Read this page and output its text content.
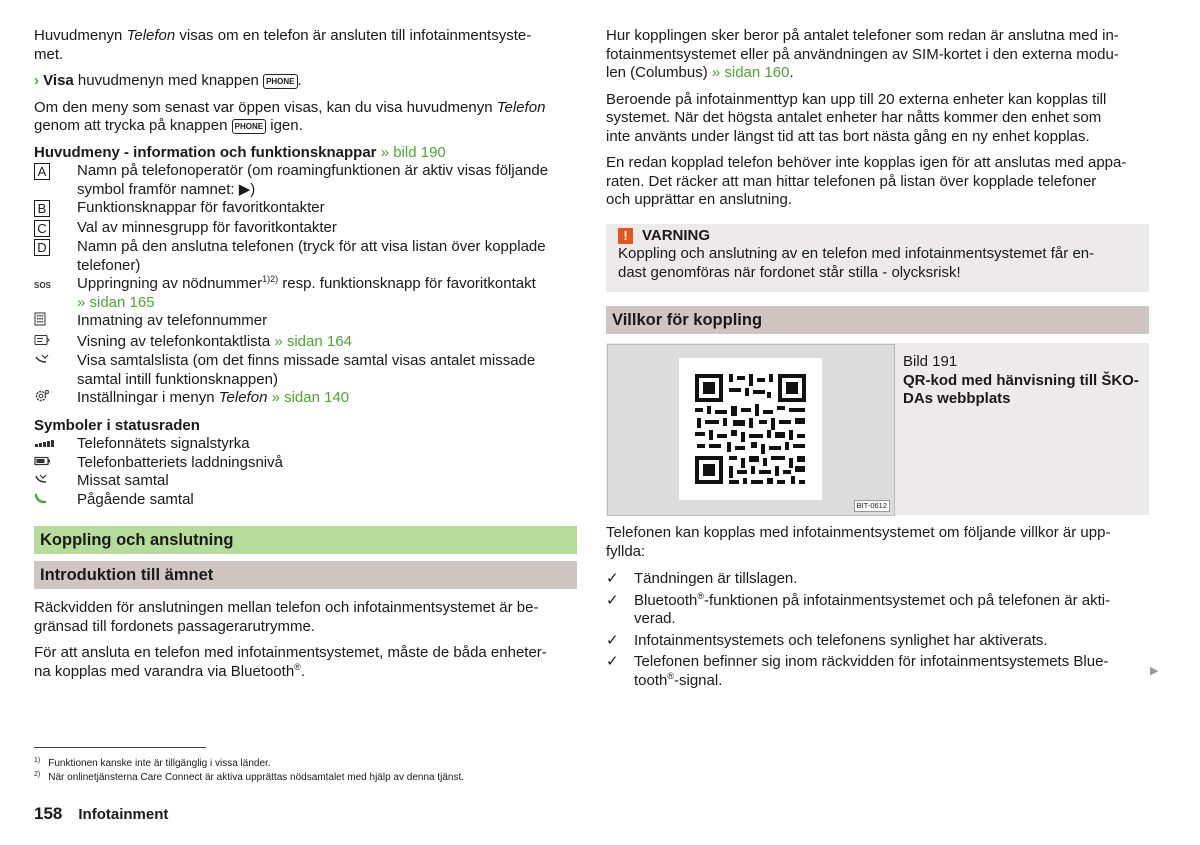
Huvudmenyn Telefon visas om en telefon är ansluten till infotainmentsyste-
met.

› Visa huvudmenyn med knappen PHONE .

Om den meny som senast var öppen visas, kan du visa huvudmenyn Telefon
genom att trycka på knappen PHONE igen.

Huvudmeny - information och funktionsknappar » bild 190
A	Namn på telefonoperatör (om roamingfunktionen är aktiv visas följande
symbol framför namnet: ▶)
B	Funktionsknappar för favoritkontakter
C	Val av minnesgrupp för favoritkontakter
D	Namn på den anslutna telefonen (tryck för att visa listan över kopplade
telefoner)
SOS	Uppringning av nödnummer$^{1)2)}$ resp. funktionsknapp för favoritkontakt
» sidan 165
Inmatning av telefonnummer
Visning av telefonkontaktlista » sidan 164
Visa samtalslista (om det finns missade samtal visas antalet missade
samtal intill funktionsknappen)
Inställningar i menyn Telefon » sidan 140
Symboler i statusraden
Telefonnätets signalstyrka
Telefonbatteriets laddningsnivå
Missat samtal
Pågående samtal
Koppling och anslutning
Introduktion till ämnet

Räckvidden för anslutningen mellan telefon och infotainmentsystemet är be-
gränsad till fordonets passagerarutrymme.

För att ansluta en telefon med infotainmentsystemet, måste de båda enheter-
na kopplas med varandra via Bluetooth®.

Hur kopplingen sker beror på antalet telefoner som redan är anslutna med in-
fotainmentsystemet eller på användningen av SIM-kortet i den externa modu-
len (Columbus) » sidan 160.

Beroende på infotainmenttyp kan upp till 20 externa enheter kan kopplas till
systemet. När det högsta antalet enheter har nåtts kommer den enhet som
inte använts under längst tid att tas bort nästa gång en ny enhet kopplas.

En redan kopplad telefon behöver inte kopplas igen för att anslutas med appa-
raten. Det räcker att man hittar telefonen på listan över kopplade telefoner
och upprättar en anslutning.

! VARNING
Koppling och anslutning av en telefon med infotainmentsystemet får en-
dast genomföras när fordonet står stilla - olycksrisk!
Villkor för koppling
BIT-0612
Bild 191
QR-kod med hänvisning till ŠKO-
DAs webbplats

Telefonen kan kopplas med infotainmentsystemet om följande villkor är upp-
fyllda:

✓	Tändningen är tillslagen.
✓	Bluetooth®-funktionen på infotainmentsystemet och på telefonen är akti-
verad.
✓	Infotainmentsystemets och telefonens synlighet har aktiverats.
✓	Telefonen befinner sig inom räckvidden för infotainmentsystemets Blue-
tooth®-signal.
▶
$^{1)}$ Funktionen kanske inte är tillgänglig i vissa länder.
$^{2)}$ När onlinetjänsterna Care Connect är aktiva upprättas nödsamtalet med hjälp av denna tjänst.
158 Infotainment
